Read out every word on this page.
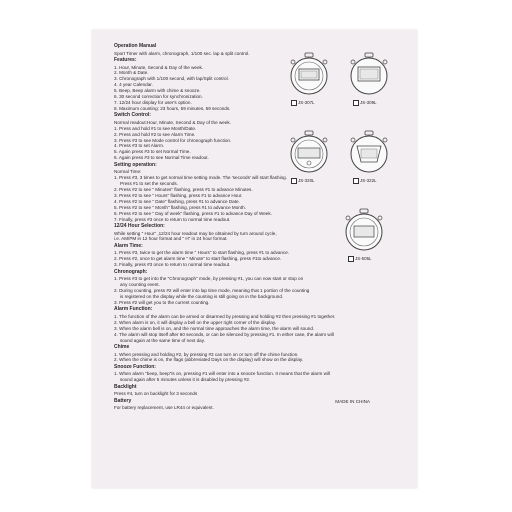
Operation Manual
Sport Timer with alarm, chronograph, 1/100 sec. lap & split control.
Features:
1. Hour, Minute, Second & Day of the week.
2. Month & Date.
3. Chronograph with 1/100 second, with lap/Split control.
4. 4 year Calendar.
5. Beep, Beep alarm with chime & snooze.
6. 30 second correction for synchronization.
7. 12/24 hour display for user's option.
8. Maximum counting: 23 hours, 59 minutes, 59 seconds.
Switch Control:
Normal readout:Hour, Minute, Second & Day of the week.
1. Press and hold #1 to see Month/Date.
2. Press and hold #2 to see Alarm Time.
3. Press #3 to see Mode control for chronograph function.
4. Press #3 to set Alarm.
5. Again press #3 to set Normal Time.
6. Again press #3 to see Normal Time readout.
Setting operation:
Normal Time:
1. Press #3, 3 times to get normal time setting mode. The 'seconds' will start flashing.
Press #1 to set the seconds.
2. Press #2 to see " Minutes" flashing, press #1 to advance Minutes.
3. Press #2 to see " Hours" flashing, press #1 to advance Hour.
4. Press #2 to see " Date" flashing, press #1 to advance Date.
5. Press #2 to see " Month" flashing, press #1 to advance Month.
6. Press #2 to see " Day of week" flashing, press #1 to advance Day of Week.
7. Finally, press #3 once to return to normal time readout.
12/24 Hour Selection:
While setting " Hour" ,12/24 hour readout may be obtained by turn around cycle,
i.e. AM/PM in 12 hour format and " H" in 24 hour format.
Alarm Time:
1. Press #3, twice to get the alarm time " Hours" to start flashing, press #1 to advance.
2. Press #2, once to get alarm time " Minute" to start flashing, press #1to advance.
3. Finally, press #3 once to return to normal time readout.
Chronograph:
1. Press #3 to get into the "Chronograph" mode, by pressing #1, you can now start or stop on
any counting event.
2. During counting, press #2 will enter into lap time mode, meaning that 1 portion of the counting
is registered on the display while the counting is still going on in the background.
3. Press #2 will get you to the current counting.
Alarm Function:
1. The function of the alarm can be armed or disarmed by pressing and holding #2 then pressing #1 together.
2. When alarm is on, it will display a bell on the upper right corner of the display.
3. When the alarm bell is on, and the normal time approaches the alarm time, the alarm will sound.
4. The alarm will stop itself after 60 seconds, or can be silenced by pressing #1. In either case, the alarm will
sound again at the same time of next day.
Chime
1. When pressing and holding #2, by pressing #3 can turn on or turn off the chime function.
2. When the chime is on, the flags (abbreviated Days on the display) will show on the display.
Snooze Function:
1. When alarm "beep, beep"is on, pressing #1 will enter into a snooze function. It means that the alarm will
sound again after 5 minutes unless it is disabled by pressing #2.
Backlight
Press #4, turn on backlight for 3 seconds
Battery
For battery replacement, use LR44 or equivalent.
MADE IN CHINA
JS-307L	JS-309L
JS-320L	JS-322L
JS-505L
